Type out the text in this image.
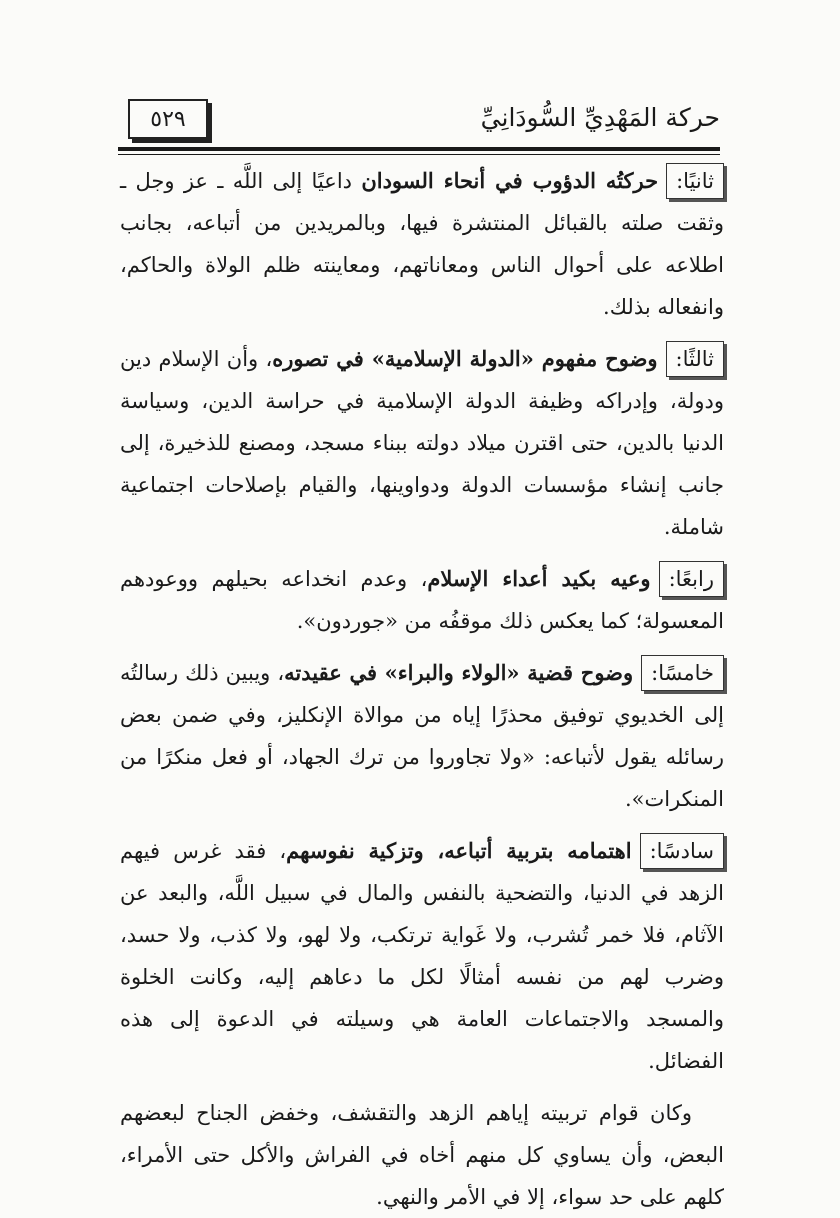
حركة المَهْدِيِّ السُّودَانِيِّ
٥٢٩
ثانيًا:حركتُه الدؤوب في أنحاء السودان داعيًا إلى اللَّه ـ عز وجل ـ وثقت صلته بالقبائل المنتشرة فيها، وبالمريدين من أتباعه، بجانب اطلاعه على أحوال الناس ومعاناتهم، ومعاينته ظلم الولاة والحاكم، وانفعاله بذلك.
ثالثًا:وضوح مفهوم «الدولة الإسلامية» في تصوره، وأن الإسلام دين ودولة، وإدراكه وظيفة الدولة الإسلامية في حراسة الدين، وسياسة الدنيا بالدين، حتى اقترن ميلاد دولته ببناء مسجد، ومصنع للذخيرة، إلى جانب إنشاء مؤسسات الدولة ودواوينها، والقيام بإصلاحات اجتماعية شاملة.
رابعًا:وعيه بكيد أعداء الإسلام، وعدم انخداعه بحيلهم ووعودهم المعسولة؛ كما يعكس ذلك موقفُه من «جوردون».
خامسًا:وضوح قضية «الولاء والبراء» في عقيدته، ويبين ذلك رسالتُه إلى الخديوي توفيق محذرًا إياه من موالاة الإنكليز، وفي ضمن بعض رسائله يقول لأتباعه: «ولا تجاوروا من ترك الجهاد، أو فعل منكرًا من المنكرات».
سادسًا:اهتمامه بتربية أتباعه، وتزكية نفوسهم، فقد غرس فيهم الزهد في الدنيا، والتضحية بالنفس والمال في سبيل اللَّه، والبعد عن الآثام، فلا خمر تُشرب، ولا غَواية ترتكب، ولا لهو، ولا كذب، ولا حسد، وضرب لهم من نفسه أمثالًا لكل ما دعاهم إليه، وكانت الخلوة والمسجد والاجتماعات العامة هي وسيلته في الدعوة إلى هذه الفضائل.
وكان قوام تربيته إياهم الزهد والتقشف، وخفض الجناح لبعضهم البعض، وأن يساوي كل منهم أخاه في الفراش والأكل حتى الأمراء، كلهم على حد سواء، إلا في الأمر والنهي.
